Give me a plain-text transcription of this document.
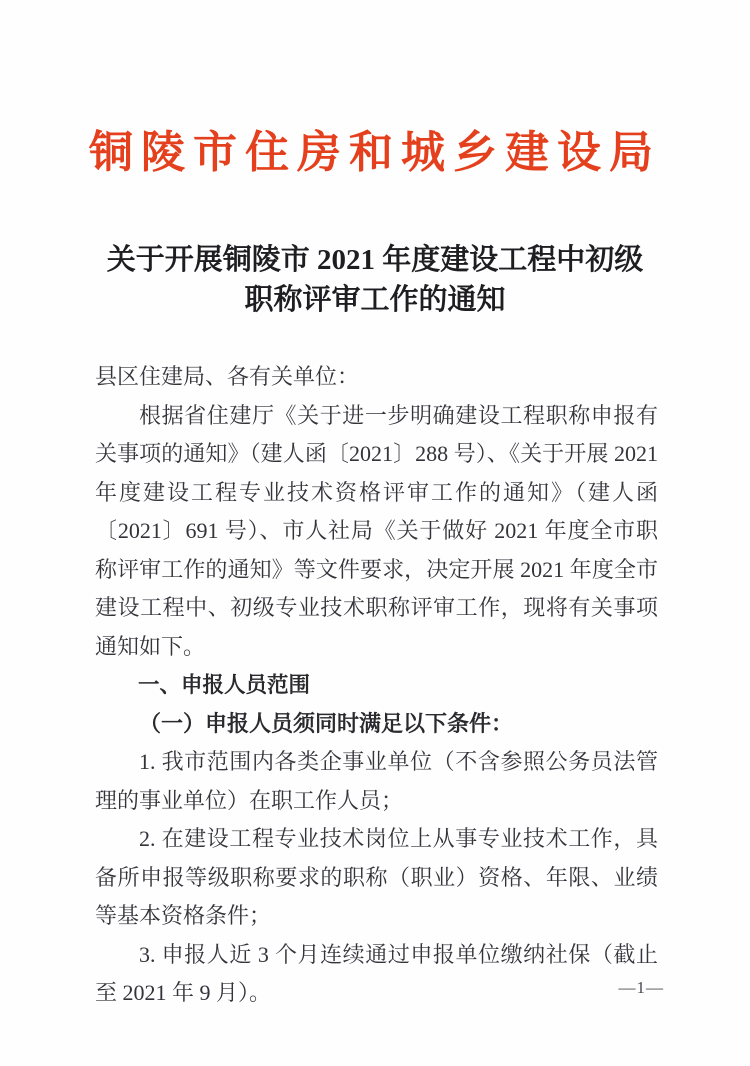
铜陵市住房和城乡建设局
关于开展铜陵市 2021 年度建设工程中初级
职称评审工作的通知

县区住建局、各有关单位：

根据省住建厅《关于进一步明确建设工程职称申报有关事项的通知》（建人函〔2021〕288 号）、《关于开展 2021 年度建设工程专业技术资格评审工作的通知》（建人函〔2021〕691 号）、市人社局《关于做好 2021 年度全市职称评审工作的通知》等文件要求，决定开展 2021 年度全市建设工程中、初级专业技术职称评审工作，现将有关事项通知如下。

一、申报人员范围

（一）申报人员须同时满足以下条件：

1. 我市范围内各类企事业单位（不含参照公务员法管理的事业单位）在职工作人员；

2. 在建设工程专业技术岗位上从事专业技术工作，具备所申报等级职称要求的职称（职业）资格、年限、业绩等基本资格条件；

3. 申报人近 3 个月连续通过申报单位缴纳社保（截止至 2021 年 9 月）。	—1—
